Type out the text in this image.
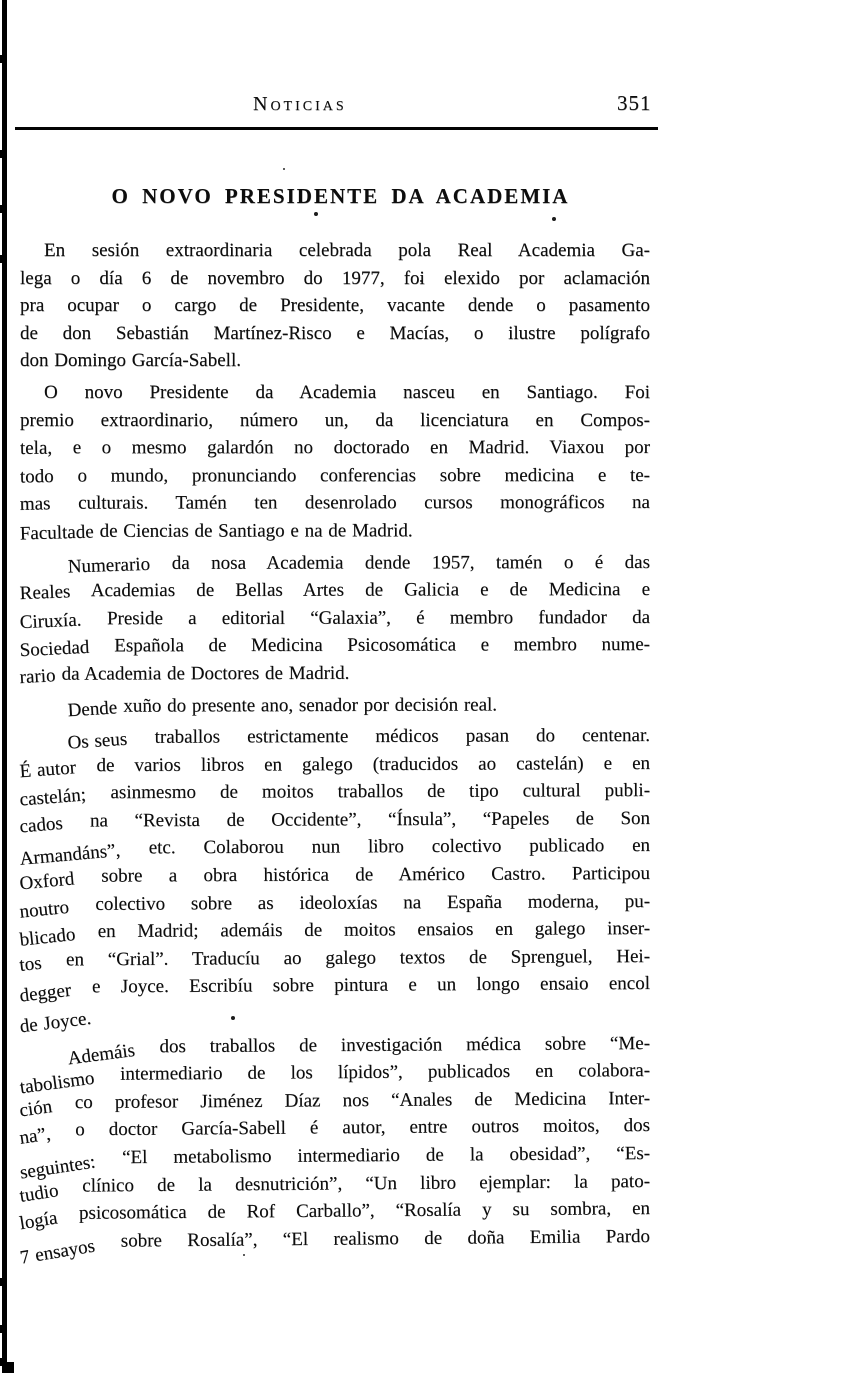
Noticias	351
O NOVO PRESIDENTE DA ACADEMIA
En sesión extraordinaria celebrada pola Real Academia Ga-
lega o día 6 de novembro do 1977, foi elexido por aclamación
pra ocupar o cargo de Presidente, vacante dende o pasamento
de don Sebastián Martínez-Risco e Macías, o ilustre polígrafo
don Domingo García-Sabell.
O novo Presidente da Academia nasceu en Santiago. Foi
premio extraordinario, número un, da licenciatura en Compos-
tela, e o mesmo galardón no doctorado en Madrid. Viaxou por
todo o mundo, pronunciando conferencias sobre medicina e te-
mas culturais. Tamén ten desenrolado cursos monográficos na
Facultade de Ciencias de Santiago e na de Madrid.
Numerario da nosa Academia dende 1957, tamén o é das
Reales Academias de Bellas Artes de Galicia e de Medicina e
Ciruxía. Preside a editorial “Galaxia”, é membro fundador da
Sociedad Española de Medicina Psicosomática e membro nume-
rario da Academia de Doctores de Madrid.
Dende xuño do presente ano, senador por decisión real.
Os seus traballos estrictamente médicos pasan do centenar.
É autor de varios libros en galego (traducidos ao castelán) e en
castelán; asinmesmo de moitos traballos de tipo cultural publi-
cados na “Revista de Occidente”, “Ínsula”, “Papeles de Son
Armandáns”, etc. Colaborou nun libro colectivo publicado en
Oxford sobre a obra histórica de Américo Castro. Participou
noutro colectivo sobre as ideoloxías na España moderna, pu-
blicado en Madrid; ademáis de moitos ensaios en galego inser-
tos en “Grial”. Traducíu ao galego textos de Sprenguel, Hei-
degger e Joyce. Escribíu sobre pintura e un longo ensaio encol
de Joyce.
Ademáis dos traballos de investigación médica sobre “Me-
tabolismo intermediario de los lípidos”, publicados en colabora-
ción co profesor Jiménez Díaz nos “Anales de Medicina Inter-
na”, o doctor García-Sabell é autor, entre outros moitos, dos
seguintes: “El metabolismo intermediario de la obesidad”, “Es-
tudio clínico de la desnutrición”, “Un libro ejemplar: la pato-
logía psicosomática de Rof Carballo”, “Rosalía y su sombra, en
7 ensayos sobre Rosalía”, “El realismo de doña Emilia Pardo
